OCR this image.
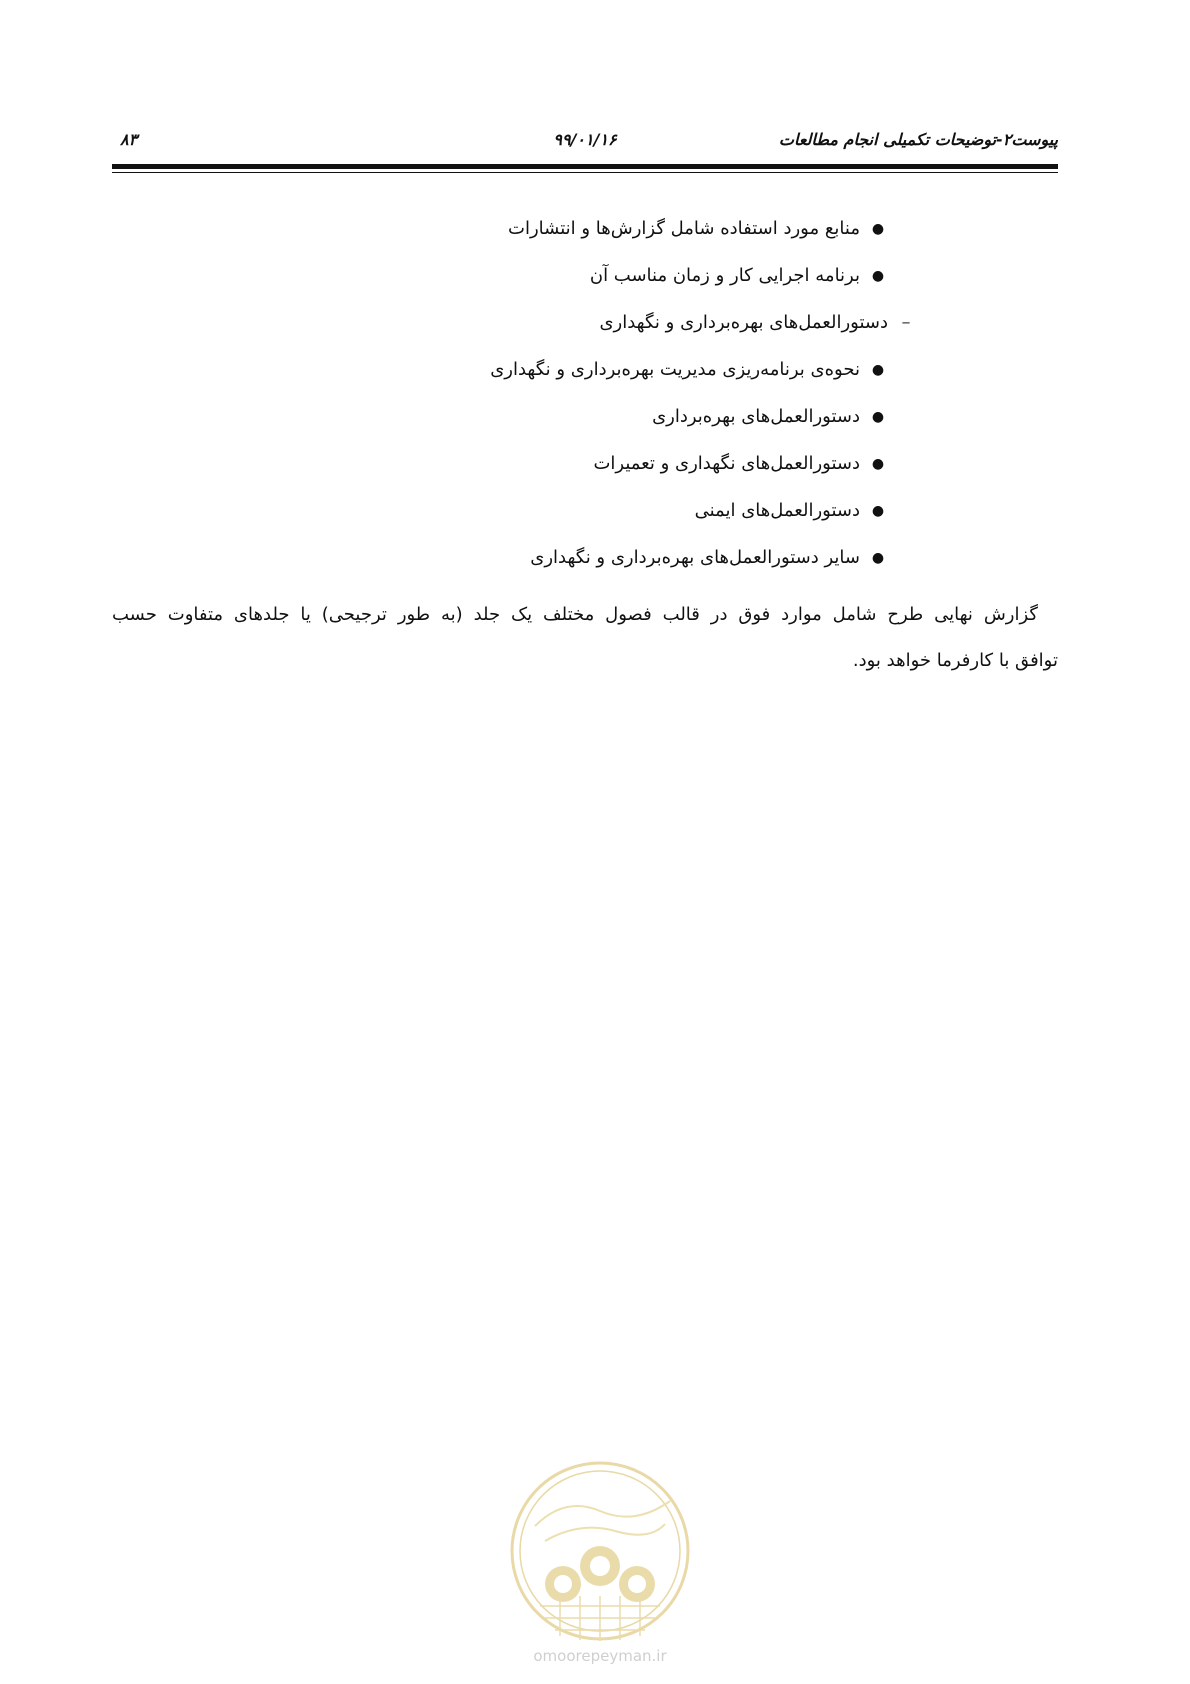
پیوست۲-توضیحات تکمیلی انجام مطالعات
۹۹/۰۱/۱۶
۸۳
●
منابع مورد استفاده شامل گزارش‌ها و انتشارات
●
برنامه اجرایی کار و زمان مناسب آن
–
دستورالعمل‌های بهره‌برداری و نگهداری
●
نحوه‌ی برنامه‌ریزی مدیریت بهره‌برداری و نگهداری
●
دستورالعمل‌های بهره‌برداری
●
دستورالعمل‌های نگهداری و تعمیرات
●
دستورالعمل‌های ایمنی
●
سایر دستورالعمل‌های بهره‌برداری و نگهداری
گزارش نهایی طرح شامل موارد فوق در قالب فصول مختلف یک جلد (به طور ترجیحی) یا جلدهای متفاوت حسب
توافق با کارفرما خواهد بود.
omoorepeyman.ir
